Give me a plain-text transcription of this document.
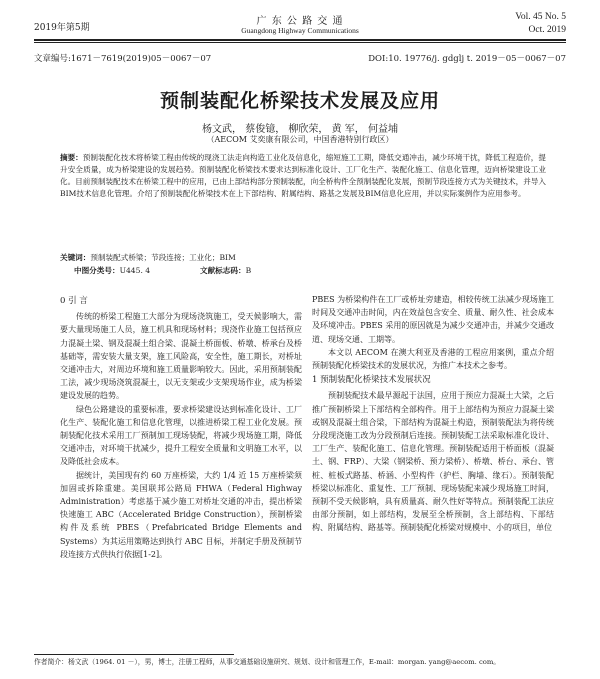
2019年第5期
广 东 公 路 交 通
Guangdong Highway Communications
Vol. 45 No. 5
Oct. 2019
文章编号:1671－7619(2019)05－0067－07	DOI:10. 19776/j. gdglj t. 2019－05－0067－07
预制装配化桥梁技术发展及应用
杨文武， 蔡俊镱， 柳欣荣， 黄 军， 何益埔
（AECOM 艾奕康有限公司，中国香港特别行政区）
摘要：预制装配化技术将桥梁工程由传统的现浇工法走向构造工业化及信息化，缩短施工工期，降低交通冲击，减少环境干扰，降低工程造价，提升安全质量，成为桥梁建设的发展趋势。预制装配化桥梁技术要求达到标准化设计、工厂化生产、装配化施工、信息化管理，迈向桥梁建设工业化。目前预制装配技术在桥梁工程中的应用，已由上部结构部分预制装配，向全桥构件全预制装配化发展，预制节段连接方式为关键技术，并导入BIM技术信息化管理。介绍了预制装配化桥梁技术在上下部结构、附属结构、路基之发展及BIM信息化应用，并以实际案例作为应用参考。
关键词：预制装配式桥梁；节段连接；工业化；BIM
中图分类号：U445. 4	文献标志码：B

0 引 言

传统的桥梁工程施工大部分为现场浇筑施工，受天候影响大，需要大量现场施工人员，施工机具和现场材料；现浇作业施工包括预应力混凝土梁、钢及混凝土组合梁、混凝土桥面板、桥墩、桥承台及桥基础等，需安装大量支架，施工风险高，安全性，施工期长，对桥址交通冲击大，对周边环境和施工质量影响较大。因此，采用预制装配工法，减少现场浇筑混凝土，以无支架或少支架现场作业，成为桥梁建设发展的趋势。

绿色公路建设的重要标准，要求桥梁建设达到标准化设计、工厂化生产、装配化施工和信息化管理，以推进桥梁工程工业化发展。预制装配化技术采用工厂预制加工现场装配，将减少现场施工期，降低交通冲击，对环境干扰减少，提升工程安全质量和文明施工水平，以及降低社会成本。

据统计，美国现有约 60 万座桥梁，大约 1/4 近 15 万座桥梁须加固或拆除重建。美国联邦公路局 FHWA（Federal Highway Administration）考虑基于减少施工对桥址交通的冲击，提出桥梁快速施工 ABC（Accelerated Bridge Construction），预制桥梁构件及系统 PBES（Prefabricated Bridge Elements and Systems）为其运用策略达到执行 ABC 目标，并制定手册及预制节段连接方式供执行依据[1-2]。

PBES 为桥梁构件在工厂或桥址旁建造，相较传统工法减少现场施工时间及交通冲击时间，内在效益包含安全、质量、耐久性、社会成本及环境冲击。PBES 采用的原因就是为减少交通冲击，并减少交通改道、现场交通、工期等。

本文以 AECOM 在澳大利亚及香港的工程应用案例，重点介绍预制装配化桥梁技术的发展状况，为推广本技术之参考。

1 预制装配化桥梁技术发展状况

预制装配技术最早源起于法国，应用于预应力混凝土大梁，之后推广预制桥梁上下部结构全部构件。用于上部结构为预应力混凝土梁或钢及混凝土组合梁，下部结构为混凝土构造，预制装配法为将传统分段现浇施工改为分段预制后连接。预制装配工法采取标准化设计、工厂生产、装配化施工、信息化管理。预制装配适用于桥面板（混凝土、钢、FRP）、大梁（钢梁桥、预力梁桥）、桥墩、桥台、承台、管桩、桩板式路基、桥涵、小型构件（护栏、胸墙、缘石）。预制装配桥梁以标准化、重复性、工厂预制、现场装配来减少现场施工时间，预制不受天候影响，具有质量高、耐久性好等特点。预制装配工法应由部分预制，如上部结构，发展至全桥预制，含上部结构、下部结构、附属结构、路基等。预制装配化桥梁对规模中、小的项目，单位

作者简介：杨文武（1964. 01 －），男，博士，注册工程师，从事交通基础设施研究、规划、设计和管理工作，E-mail：morgan. yang@aecom. com。
